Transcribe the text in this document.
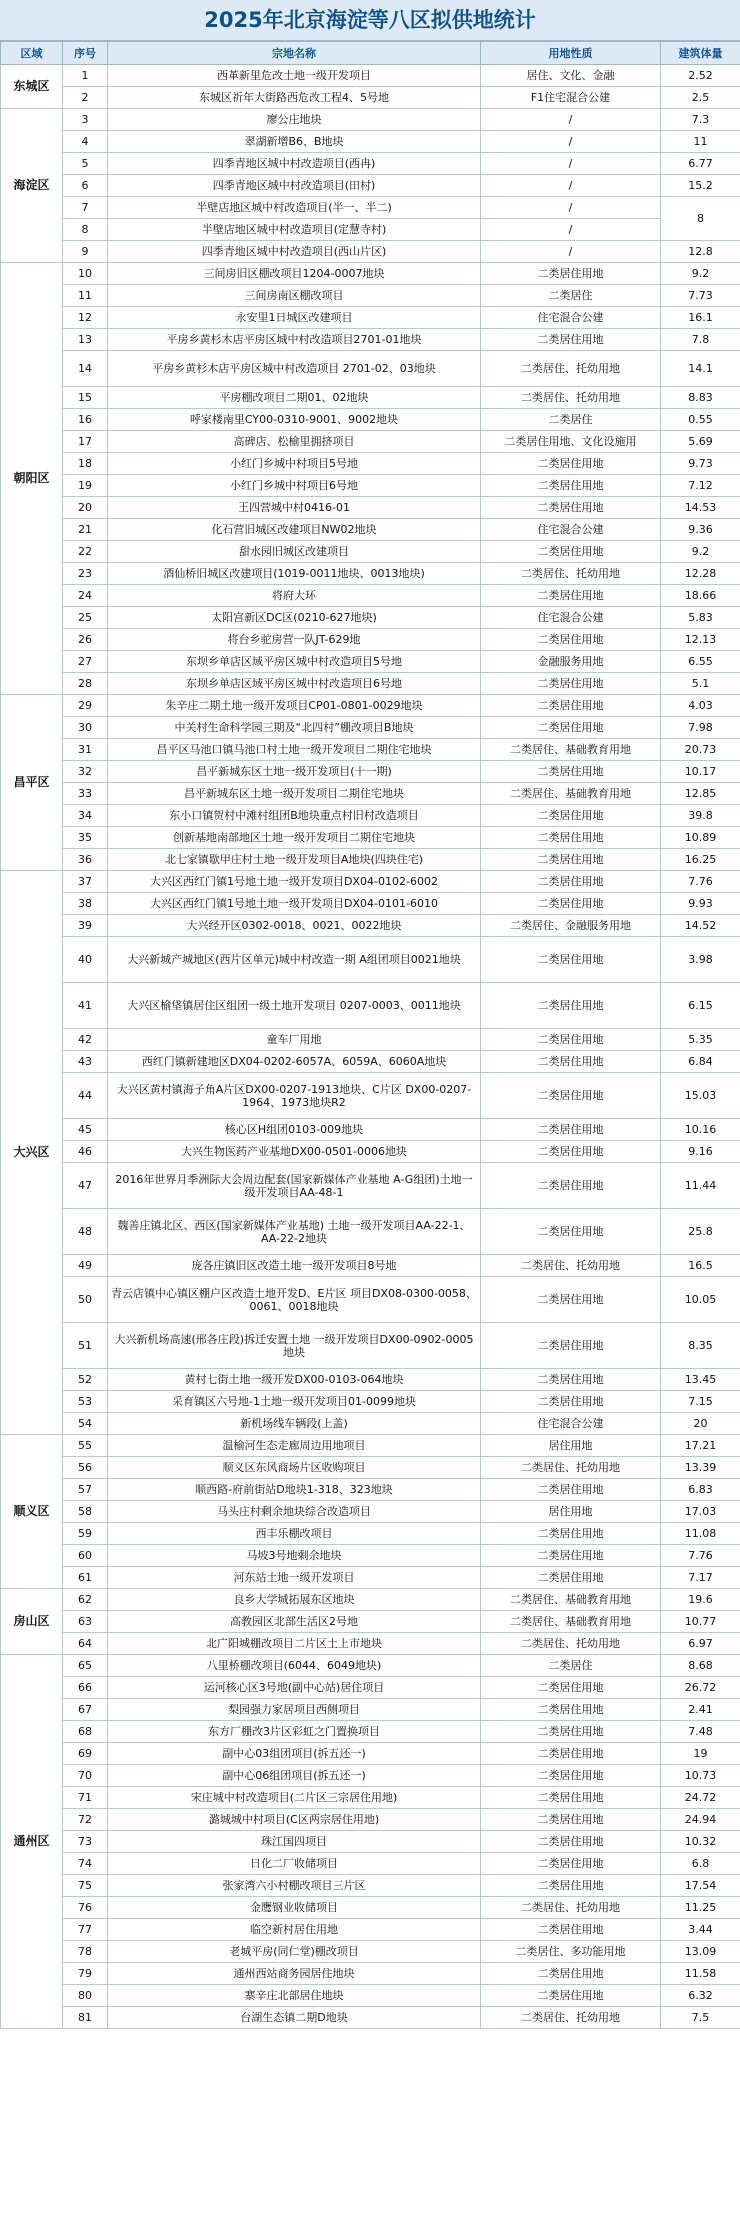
2025年北京海淀等八区拟供地统计
区域	序号	宗地名称	用地性质	建筑体量
东城区	1	西革新里危改土地一级开发项目	居住、文化、金融	2.52
	2	东城区祈年大街路西危改工程4、5号地	F1住宅混合公建	2.5
海淀区	3	廖公庄地块	/	7.3
	4	翠湖新增B6、B地块	/	11
	5	四季青地区城中村改造项目(西冉)	/	6.77
	6	四季青地区城中村改造项目(田村)	/	15.2
	7	半壁店地区城中村改造项目(半一、半二)	/	8
	8	半壁店地区城中村改造项目(定慧寺村)	/	
	9	四季青地区城中村改造项目(西山片区)	/	12.8
朝阳区	10	三间房旧区棚改项目1204-0007地块	二类居住用地	9.2
	11	三间房南区棚改项目	二类居住	7.73
	12	永安里1日城区改建项目	住宅混合公建	16.1
	13	平房乡黄杉木店平房区城中村改造项目2701-01地块	二类居住用地	7.8
	14	平房乡黄杉木店平房区城中村改造项目 2701-02、03地块	二类居住、托幼用地	14.1
	15	平房棚改项目二期01、02地块	二类居住、托幼用地	8.83
	16	呼家楼南里CY00-0310-9001、9002地块	二类居住	0.55
	17	高碑店、松榆里拥挤项目	二类居住用地、文化设施用	5.69
	18	小红门乡城中村项目5号地	二类居住用地	9.73
	19	小红门乡城中村项目6号地	二类居住用地	7.12
	20	王四营城中村0416-01	二类居住用地	14.53
	21	化石营旧城区改建项目NW02地块	住宅混合公建	9.36
	22	甜水园旧城区改建项目	二类居住用地	9.2
	23	酒仙桥旧城区改建项目(1019-0011地块、0013地块)	二类居住、托幼用地	12.28
	24	将府大环	二类居住用地	18.66
	25	太阳宫新区DC区(0210-627地块)	住宅混合公建	5.83
	26	将台乡驼房营一队JT-629地	二类居住用地	12.13
	27	东坝乡单店区域平房区城中村改造项目5号地	金融服务用地	6.55
	28	东坝乡单店区域平房区城中村改造项目6号地	二类居住用地	5.1
昌平区	29	朱辛庄二期土地一级开发项目CP01-0801-0029地块	二类居住用地	4.03
	30	中关村生命科学园三期及“北四村”棚改项目B地块	二类居住用地	7.98
	31	昌平区马池口镇马池口村土地一级开发项目二期住宅地块	二类居住、基础教育用地	20.73
	32	昌平新城东区土地一级开发项目(十一期)	二类居住用地	10.17
	33	昌平新城东区土地一级开发项目二期住宅地块	二类居住、基础教育用地	12.85
	34	东小口镇贺村中滩村组团B地块重点村旧村改造项目	二类居住用地	39.8
	35	创新基地南部地区土地一级开发项目二期住宅地块	二类居住用地	10.89
	36	北七家镇歇甲庄村土地一级开发项目A地块(四块住宅)	二类居住用地	16.25
大兴区	37	大兴区西红门镇1号地土地一级开发项目DX04-0102-6002	二类居住用地	7.76
	38	大兴区西红门镇1号地土地一级开发项目DX04-0101-6010	二类居住用地	9.93
	39	大兴经开区0302-0018、0021、0022地块	二类居住、金融服务用地	14.52
	40	大兴新城产城地区(西片区单元)城中村改造一期 A组团项目0021地块	二类居住用地	3.98
	41	大兴区榆垡镇居住区组团一级土地开发项目 0207-0003、0011地块	二类居住用地	6.15
	42	童车厂用地	二类居住用地	5.35
	43	西红门镇新建地区DX04-0202-6057A、6059A、6060A地块	二类居住用地	6.84
	44	大兴区黄村镇海子角A片区DX00-0207-1913地块、C片区 DX00-0207-1964、1973地块R2	二类居住用地	15.03
	45	核心区H组团0103-009地块	二类居住用地	10.16
	46	大兴生物医药产业基地DX00-0501-0006地块	二类居住用地	9.16
	47	2016年世界月季洲际大会周边配套(国家新媒体产业基地 A-G组团)土地一级开发项目AA-48-1	二类居住用地	11.44
	48	魏善庄镇北区、西区(国家新媒体产业基地) 土地一级开发项目AA-22-1、AA-22-2地块	二类居住用地	25.8
	49	庞各庄镇旧区改造土地一级开发项目8号地	二类居住、托幼用地	16.5
	50	青云店镇中心镇区棚户区改造土地开发D、E片区 项目DX08-0300-0058、0061、0018地块	二类居住用地	10.05
	51	大兴新机场高速(邢各庄段)拆迁安置土地 一级开发项目DX00-0902-0005地块	二类居住用地	8.35
	52	黄村七街土地一级开发DX00-0103-064地块	二类居住用地	13.45
	53	采育镇区六号地-1土地一级开发项目01-0099地块	二类居住用地	7.15
	54	新机场线车辆段(上盖)	住宅混合公建	20
顺义区	55	温榆河生态走廊周边用地项目	居住用地	17.21
	56	顺义区东风商场片区收购项目	二类居住、托幼用地	13.39
	57	顺西路-府前街站D地块1-318、323地块	二类居住用地	6.83
	58	马头庄村剩余地块综合改造项目	居住用地	17.03
	59	西丰乐棚改项目	二类居住用地	11.08
	60	马坡3号地剩余地块	二类居住用地	7.76
	61	河东站土地一级开发项目	二类居住用地	7.17
房山区	62	良乡大学城拓展东区地块	二类居住、基础教育用地	19.6
	63	高教园区北部生活区2号地	二类居住、基础教育用地	10.77
	64	北广阳城棚改项目二片区土上市地块	二类居住、托幼用地	6.97
通州区	65	八里桥棚改项目(6044、6049地块)	二类居住	8.68
	66	运河核心区3号地(副中心站)居住项目	二类居住用地	26.72
	67	梨园强力家居项目西侧项目	二类居住用地	2.41
	68	东方厂棚改3片区彩虹之门置换项目	二类居住用地	7.48
	69	副中心03组团项目(拆五还一)	二类居住用地	19
	70	副中心06组团项目(拆五还一)	二类居住用地	10.73
	71	宋庄城中村改造项目(二片区三宗居住用地)	二类居住用地	24.72
	72	潞城城中村项目(C区两宗居住用地)	二类居住用地	24.94
	73	珠江国四项目	二类居住用地	10.32
	74	日化二厂收储项目	二类居住用地	6.8
	75	张家湾六小村棚改项目三片区	二类居住用地	17.54
	76	金鹰钢业收储项目	二类居住、托幼用地	11.25
	77	临空新村居住用地	二类居住用地	3.44
	78	老城平房(同仁堂)棚改项目	二类居住、多功能用地	13.09
	79	通州西站商务园居住地块	二类居住用地	11.58
	80	寨辛庄北部居住地块	二类居住用地	6.32
	81	台湖生态镇二期D地块	二类居住、托幼用地	7.5
